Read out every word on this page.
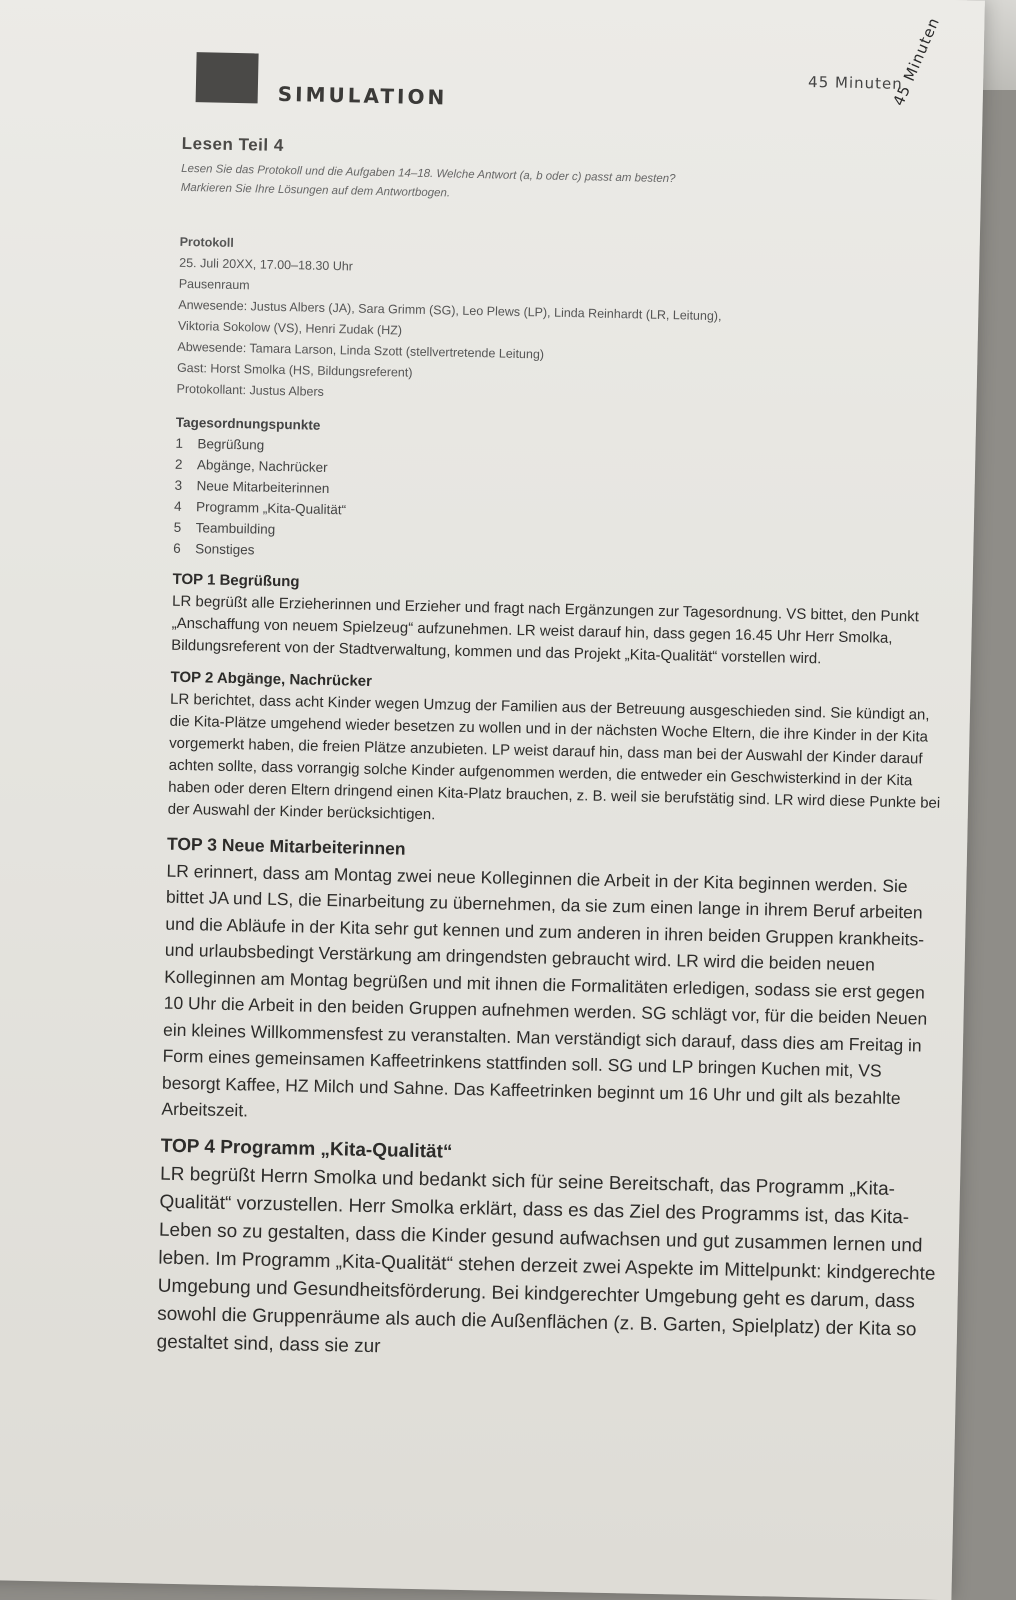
45 Minuten
SIMULATION	45 Minuten
Lesen Teil 4

Lesen Sie das Protokoll und die Aufgaben 14–18. Welche Antwort (a, b oder c) passt am besten?

Markieren Sie Ihre Lösungen auf dem Antwortbogen.

Protokoll

25. Juli 20XX, 17.00–18.30 Uhr

Pausenraum

Anwesende: Justus Albers (JA), Sara Grimm (SG), Leo Plews (LP), Linda Reinhardt (LR, Leitung),

Viktoria Sokolow (VS), Henri Zudak (HZ)

Abwesende: Tamara Larson, Linda Szott (stellvertretende Leitung)

Gast: Horst Smolka (HS, Bildungsreferent)

Protokollant: Justus Albers

Tagesordnungspunkte

1	Begrüßung
2	Abgänge, Nachrücker
3	Neue Mitarbeiterinnen
4	Programm „Kita-Qualität“
5	Teambuilding
6	Sonstiges

TOP 1 Begrüßung

LR begrüßt alle Erzieherinnen und Erzieher und fragt nach Ergänzungen zur Tagesordnung. VS bittet, den Punkt „Anschaffung von neuem Spielzeug“ aufzunehmen. LR weist darauf hin, dass gegen 16.45 Uhr Herr Smolka, Bildungsreferent von der Stadtverwaltung, kommen und das Projekt „Kita-Qualität“ vorstellen wird.

TOP 2 Abgänge, Nachrücker

LR berichtet, dass acht Kinder wegen Umzug der Familien aus der Betreuung ausgeschieden sind. Sie kündigt an, die Kita-Plätze umgehend wieder besetzen zu wollen und in der nächsten Woche Eltern, die ihre Kinder in der Kita vorgemerkt haben, die freien Plätze anzubieten. LP weist darauf hin, dass man bei der Auswahl der Kinder darauf achten sollte, dass vorrangig solche Kinder aufgenommen werden, die entweder ein Geschwisterkind in der Kita haben oder deren Eltern dringend einen Kita-Platz brauchen, z. B. weil sie berufstätig sind. LR wird diese Punkte bei der Auswahl der Kinder berücksichtigen.

TOP 3 Neue Mitarbeiterinnen

LR erinnert, dass am Montag zwei neue Kolleginnen die Arbeit in der Kita beginnen werden. Sie bittet JA und LS, die Einarbeitung zu übernehmen, da sie zum einen lange in ihrem Beruf arbeiten und die Abläufe in der Kita sehr gut kennen und zum anderen in ihren beiden Gruppen krankheits- und urlaubsbedingt Verstärkung am dringendsten gebraucht wird. LR wird die beiden neuen Kolleginnen am Montag begrüßen und mit ihnen die Formalitäten erledigen, sodass sie erst gegen 10 Uhr die Arbeit in den beiden Gruppen aufnehmen werden. SG schlägt vor, für die beiden Neuen ein kleines Willkommensfest zu veranstalten. Man verständigt sich darauf, dass dies am Freitag in Form eines gemeinsamen Kaffeetrinkens stattfinden soll. SG und LP bringen Kuchen mit, VS besorgt Kaffee, HZ Milch und Sahne. Das Kaffeetrinken beginnt um 16 Uhr und gilt als bezahlte Arbeitszeit.

TOP 4 Programm „Kita-Qualität“

LR begrüßt Herrn Smolka und bedankt sich für seine Bereitschaft, das Programm „Kita-Qualität“ vorzustellen. Herr Smolka erklärt, dass es das Ziel des Programms ist, das Kita-Leben so zu gestalten, dass die Kinder gesund aufwachsen und gut zusammen lernen und leben. Im Programm „Kita-Qualität“ stehen derzeit zwei Aspekte im Mittelpunkt: kindgerechte Umgebung und Gesundheitsförderung. Bei kindgerechter Umgebung geht es darum, dass sowohl die Gruppenräume als auch die Außenflächen (z. B. Garten, Spielplatz) der Kita so gestaltet sind, dass sie zur
